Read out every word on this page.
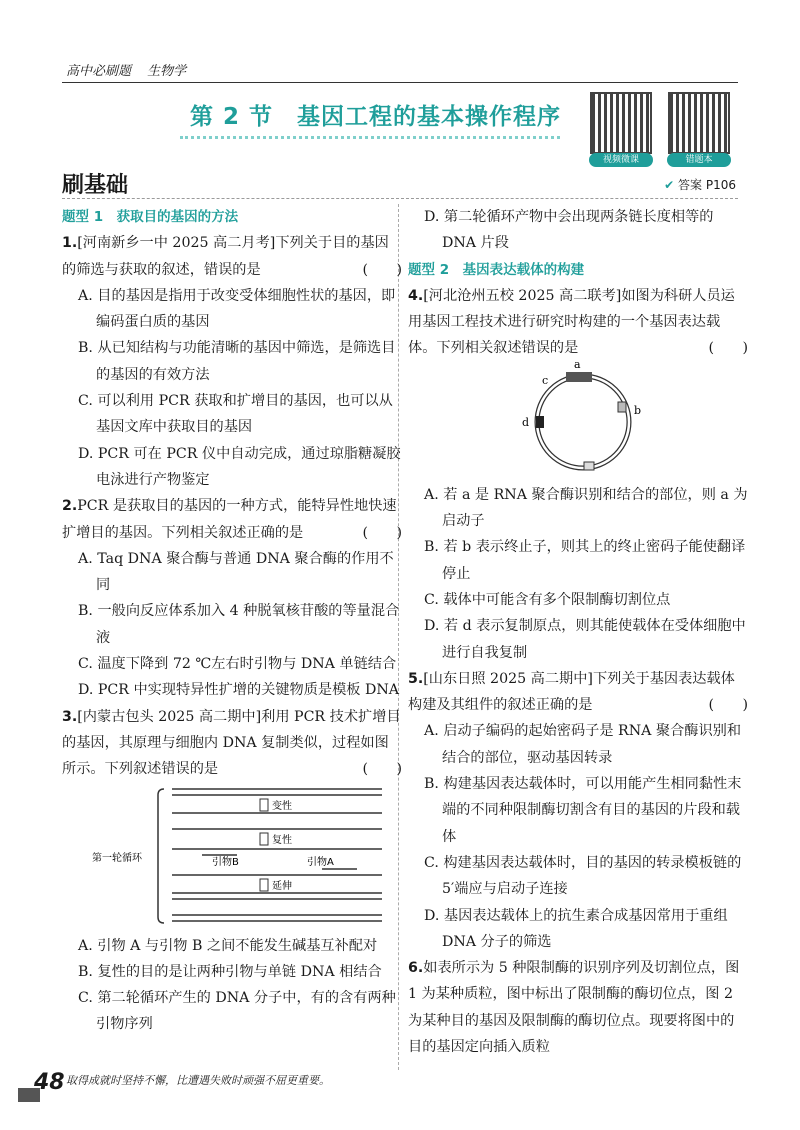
高中必刷题 生物学
第 2 节　基因工程的基本操作程序
视频微课	错题本
刷基础	✔ 答案 P106
题型 1　获取目的基因的方法
1.[河南新乡一中 2025 高二月考]下列关于目的基因的筛选与获取的叙述，错误的是	(　　)
A. 目的基因是指用于改变受体细胞性状的基因，即编码蛋白质的基因
B. 从已知结构与功能清晰的基因中筛选，是筛选目的基因的有效方法
C. 可以利用 PCR 获取和扩增目的基因，也可以从基因文库中获取目的基因
D. PCR 可在 PCR 仪中自动完成，通过琼脂糖凝胶电泳进行产物鉴定
2.PCR 是获取目的基因的一种方式，能特异性地快速扩增目的基因。下列相关叙述正确的是	(　　)
A. Taq DNA 聚合酶与普通 DNA 聚合酶的作用不同
B. 一般向反应体系加入 4 种脱氧核苷酸的等量混合液
C. 温度下降到 72 ℃左右时引物与 DNA 单链结合
D. PCR 中实现特异性扩增的关键物质是模板 DNA
3.[内蒙古包头 2025 高二期中]利用 PCR 技术扩增目的基因，其原理与细胞内 DNA 复制类似，过程如图所示。下列叙述错误的是	(　　)
变性
复性
延伸
第一轮循环	引物B	引物A
A. 引物 A 与引物 B 之间不能发生碱基互补配对
B. 复性的目的是让两种引物与单链 DNA 相结合
C. 第二轮循环产生的 DNA 分子中，有的含有两种引物序列
D. 第二轮循环产物中会出现两条链长度相等的 DNA 片段
题型 2　基因表达载体的构建
4.[河北沧州五校 2025 高二联考]如图为科研人员运用基因工程技术进行研究时构建的一个基因表达载体。下列相关叙述错误的是	(　　)
a
b
c
d
A. 若 a 是 RNA 聚合酶识别和结合的部位，则 a 为启动子
B. 若 b 表示终止子，则其上的终止密码子能使翻译停止
C. 载体中可能含有多个限制酶切割位点
D. 若 d 表示复制原点，则其能使载体在受体细胞中进行自我复制
5.[山东日照 2025 高二期中]下列关于基因表达载体构建及其组件的叙述正确的是	(　　)
A. 启动子编码的起始密码子是 RNA 聚合酶识别和结合的部位，驱动基因转录
B. 构建基因表达载体时，可以用能产生相同黏性末端的不同种限制酶切割含有目的基因的片段和载体
C. 构建基因表达载体时，目的基因的转录模板链的 5′端应与启动子连接
D. 基因表达载体上的抗生素合成基因常用于重组 DNA 分子的筛选
6.如表所示为 5 种限制酶的识别序列及切割位点，图 1 为某种质粒，图中标出了限制酶的酶切位点，图 2 为某种目的基因及限制酶的酶切位点。现要将图中的目的基因定向插入质粒
48 取得成就时坚持不懈，比遭遇失败时顽强不屈更重要。
